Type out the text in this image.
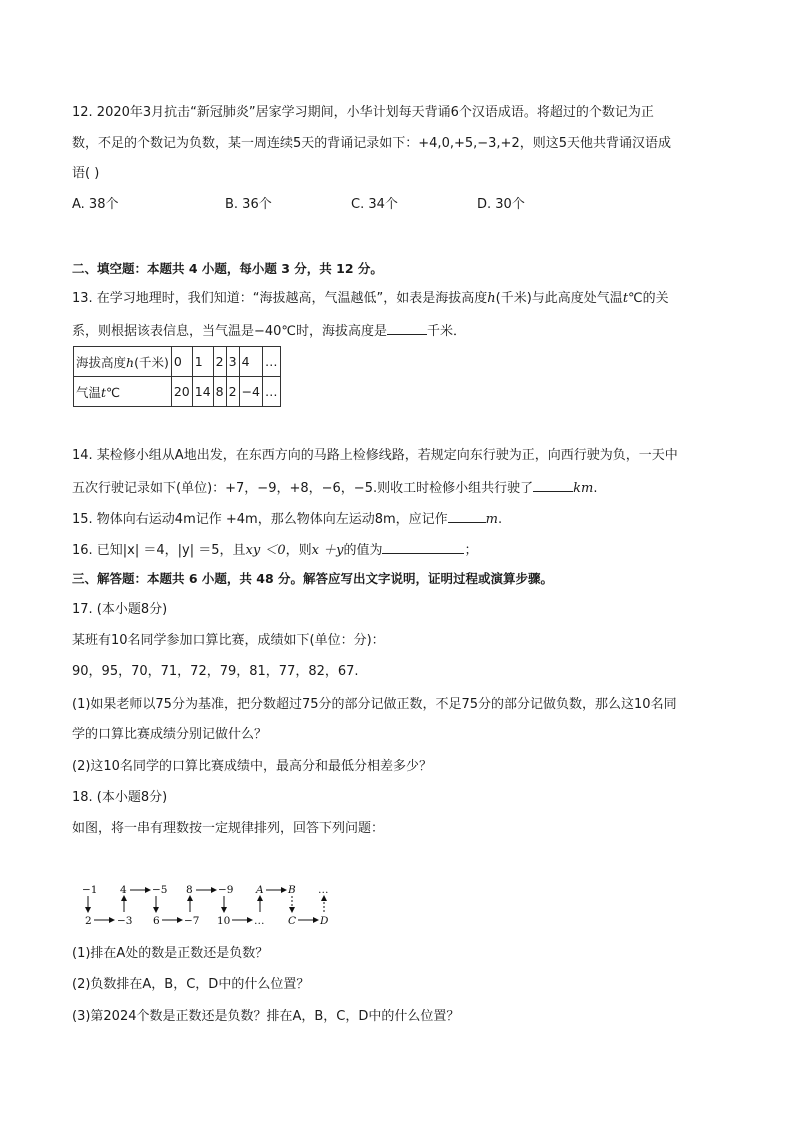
12. 2020年3月抗击“新冠肺炎”居家学习期间，小华计划每天背诵6个汉语成语。将超过的个数记为正
数，不足的个数记为负数，某一周连续5天的背诵记录如下：+4,0,+5,−3,+2，则这5天他共背诵汉语成
语( )
A. 38个	B. 36个	C. 34个	D. 30个
二、填空题：本题共 4 小题，每小题 3 分，共 12 分。
13. 在学习地理时，我们知道：“海拔越高，气温越低”，如表是海拔高度h(千米)与此高度处气温t℃的关
系，则根据该表信息，当气温是−40℃时，海拔高度是	千米．
海拔高度h(千米)	0	1	2	3	4	…
气温t℃	20	14	8	2	−4	…
14. 某检修小组从A地出发，在东西方向的马路上检修线路，若规定向东行驶为正，向西行驶为负，一天中
五次行驶记录如下(单位)：+7，−9，+8，−6，−5.则收工时检修小组共行驶了	km.
15. 物体向右运动4m记作 +4m，那么物体向左运动8m，应记作	m.
16. 已知|x| ＝4，|y| ＝5，且xy ＜0，则x ＋y的值为	；
三、解答题：本题共 6 小题，共 48 分。解答应写出文字说明，证明过程或演算步骤。
17. (本小题8分)
某班有10名同学参加口算比赛，成绩如下(单位：分)：
90，95，70，71，72，79，81，77，82，67.
(1)如果老师以75分为基准，把分数超过75分的部分记做正数，不足75分的部分记做负数，那么这10名同
学的口算比赛成绩分别记做什么？
(2)这10名同学的口算比赛成绩中，最高分和最低分相差多少？
18. (本小题8分)
如图，将一串有理数按一定规律排列，回答下列问题：
−1 4 −5 8 −9 A B …
2 −3 6 −7 10 … C D
(1)排在A处的数是正数还是负数？
(2)负数排在A，B，C，D中的什么位置？
(3)第2024个数是正数还是负数？排在A，B，C，D中的什么位置？
